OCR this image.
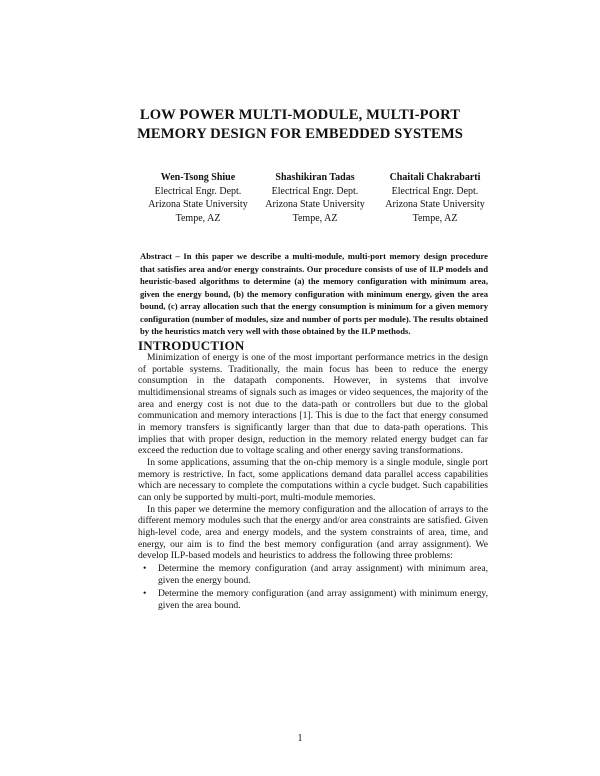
LOW POWER MULTI-MODULE, MULTI-PORT
MEMORY DESIGN FOR EMBEDDED SYSTEMS
Wen-Tsong Shiue
Electrical Engr. Dept.
Arizona State University
Tempe, AZ
Shashikiran Tadas
Electrical Engr. Dept.
Arizona State University
Tempe, AZ
Chaitali Chakrabarti
Electrical Engr. Dept.
Arizona State University
Tempe, AZ
Abstract – In this paper we describe a multi-module, multi-port memory design procedure that satisfies area and/or energy constraints. Our procedure consists of use of ILP models and heuristic-based algorithms to determine (a) the memory configuration with minimum area, given the energy bound, (b) the memory configuration with minimum energy, given the area bound, (c) array allocation such that the energy consumption is minimum for a given memory configuration (number of modules, size and number of ports per module). The results obtained by the heuristics match very well with those obtained by the ILP methods.
INTRODUCTION

Minimization of energy is one of the most important performance metrics in the design of portable systems. Traditionally, the main focus has been to reduce the energy consumption in the datapath components. However, in systems that involve multidimensional streams of signals such as images or video sequences, the majority of the area and energy cost is not due to the data-path or controllers but due to the global communication and memory interactions [1]. This is due to the fact that energy consumed in memory transfers is significantly larger than that due to data-path operations. This implies that with proper design, reduction in the memory related energy budget can far exceed the reduction due to voltage scaling and other energy saving transformations.

In some applications, assuming that the on-chip memory is a single module, single port memory is restrictive. In fact, some applications demand data parallel access capabilities which are necessary to complete the computations within a cycle budget. Such capabilities can only be supported by multi-port, multi-module memories.

In this paper we determine the memory configuration and the allocation of arrays to the different memory modules such that the energy and/or area constraints are satisfied. Given high-level code, area and energy models, and the system constraints of area, time, and energy, our aim is to find the best memory configuration (and array assignment). We develop ILP-based models and heuristics to address the following three problems:

• Determine the memory configuration (and array assignment) with minimum area, given the energy bound.
• Determine the memory configuration (and array assignment) with minimum energy, given the area bound.
1
